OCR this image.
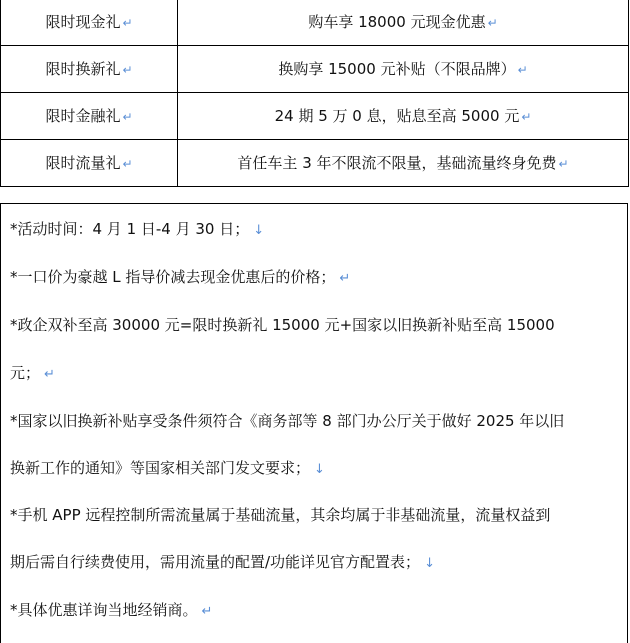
限时现金礼 ↵	购车享 18000 元现金优惠 ↵
限时换新礼 ↵	换购享 15000 元补贴（不限品牌） ↵
限时金融礼 ↵	24 期 5 万 0 息，贴息至高 5000 元 ↵
限时流量礼 ↵	首任车主 3 年不限流不限量，基础流量终身免费 ↵
*活动时间：4 月 1 日-4 月 30 日； ↓
*一口价为豪越 L 指导价减去现金优惠后的价格； ↵
*政企双补至高 30000 元=限时换新礼 15000 元+国家以旧换新补贴至高 15000
元； ↵
*国家以旧换新补贴享受条件须符合《商务部等 8 部门办公厅关于做好 2025 年以旧
换新工作的通知》等国家相关部门发文要求； ↓
*手机 APP 远程控制所需流量属于基础流量，其余均属于非基础流量，流量权益到
期后需自行续费使用，需用流量的配置/功能详见官方配置表； ↓
*具体优惠详询当地经销商。 ↵
